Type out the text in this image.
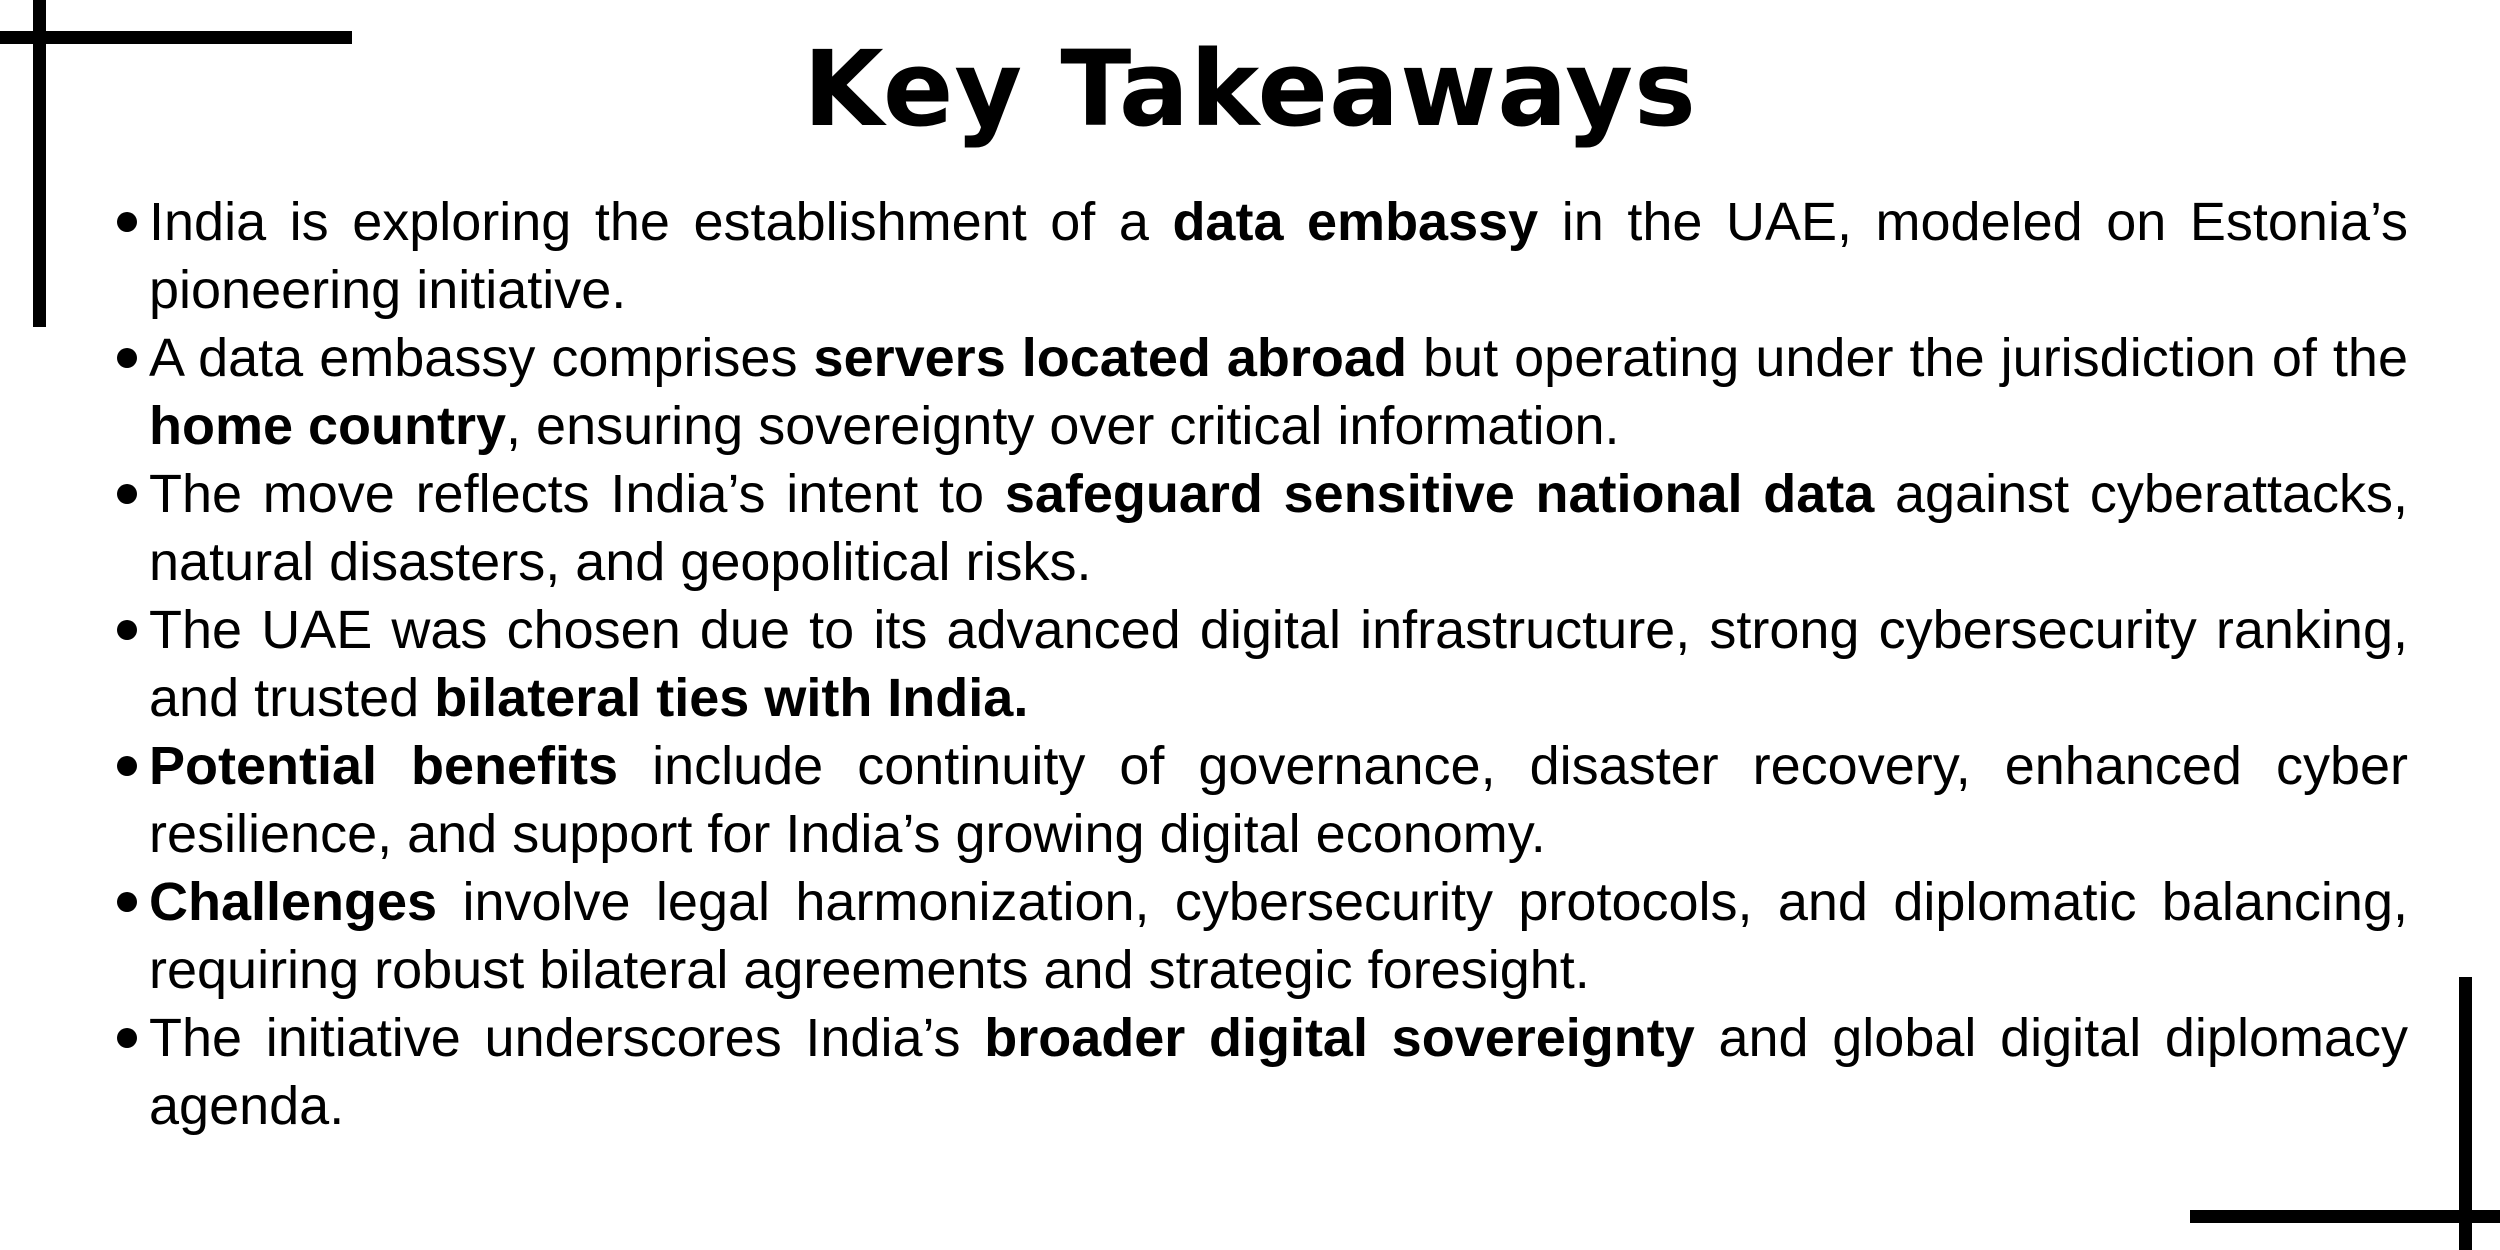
Key Takeaways
India is exploring the establishment of a data embassy in the UAE, modeled on Estonia’s pioneering initiative.
A data embassy comprises servers located abroad but operating under the jurisdiction of the home country, ensuring sovereignty over critical information.
The move reflects India’s intent to safeguard sensitive national data against cyberattacks, natural disasters, and geopolitical risks.
The UAE was chosen due to its advanced digital infrastructure, strong cybersecurity ranking, and trusted bilateral ties with India.
Potential benefits include continuity of governance, disaster recovery, enhanced cyber resilience, and support for India’s growing digital economy.
Challenges involve legal harmonization, cybersecurity protocols, and diplomatic balancing, requiring robust bilateral agreements and strategic foresight.
The initiative underscores India’s broader digital sovereignty and global digital diplomacy agenda.
